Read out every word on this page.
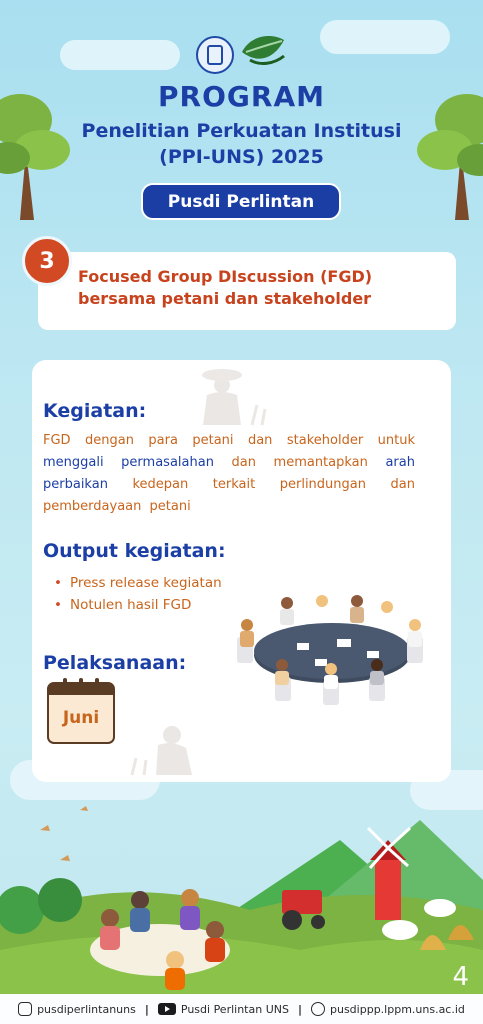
PROGRAM
Penelitian Perkuatan Institusi
(PPI-UNS) 2025
Pusdi Perlintan
Focused Group DIscussion (FGD)
bersama petani dan stakeholder
3
Kegiatan:
FGD dengan para petani dan stakeholder untuk menggali permasalahan dan memantapkan arah perbaikan kedepan terkait perlindungan dan pemberdayaan petani
Output kegiatan:
• Press release kegiatan
• Notulen hasil FGD
Pelaksanaan:
Juni
4
pusdiperlintanuns |	Pusdi Perlintan UNS |	pusdippp.lppm.uns.ac.id
